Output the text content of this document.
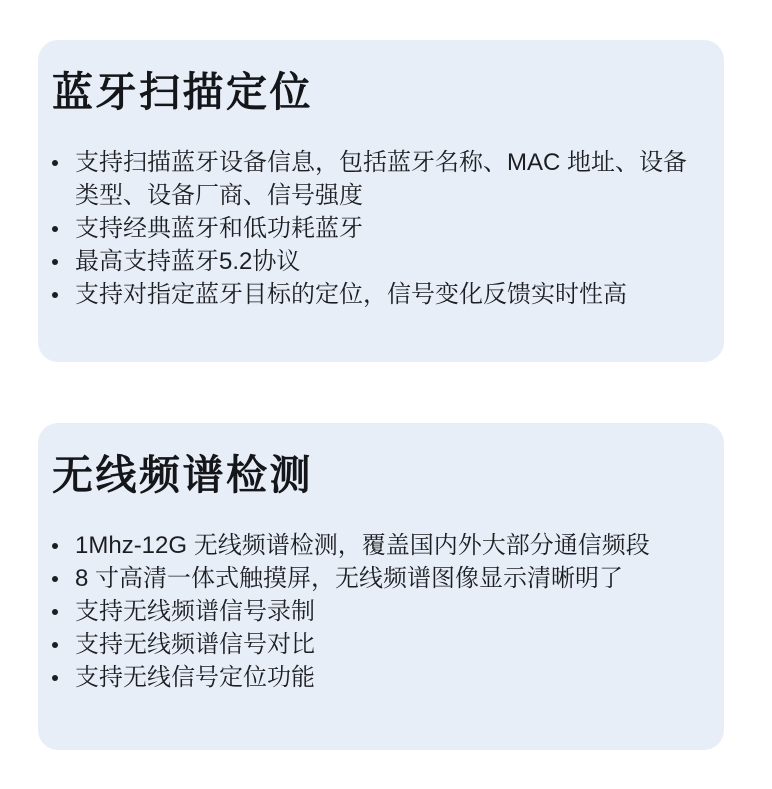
蓝牙扫描定位
支持扫描蓝牙设备信息，包括蓝牙名称、MAC 地址、设备类型、设备厂商、信号强度
支持经典蓝牙和低功耗蓝牙
最高支持蓝牙5.2协议
支持对指定蓝牙目标的定位，信号变化反馈实时性高
无线频谱检测
1Mhz-12G 无线频谱检测，覆盖国内外大部分通信频段
8 寸高清一体式触摸屏，无线频谱图像显示清晰明了
支持无线频谱信号录制
支持无线频谱信号对比
支持无线信号定位功能
